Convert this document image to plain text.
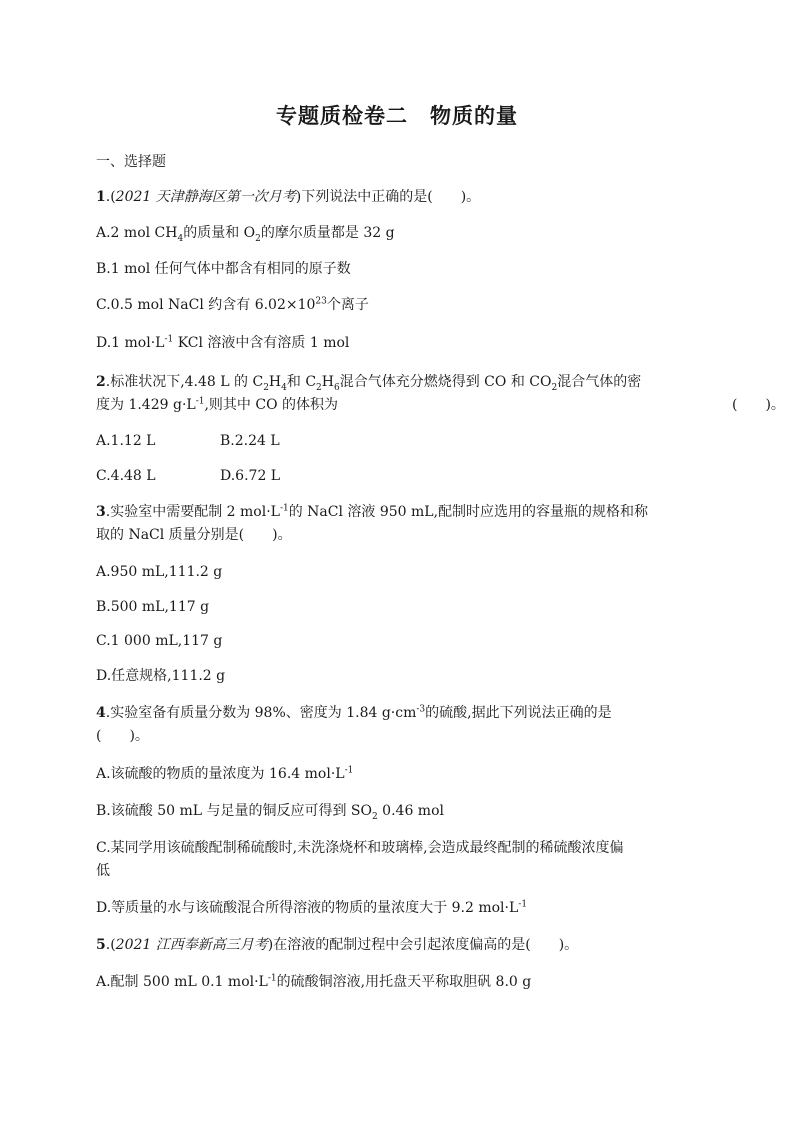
专题质检卷二 物质的量
一、选择题
1.(2021 天津静海区第一次月考)下列说法中正确的是(　　)。
A.2 mol $CH_4$的质量和 $O_2$的摩尔质量都是 32 g
B.1 mol 任何气体中都含有相同的原子数
C.0.5 mol NaCl 约含有 $6.02\times 10^{23}$个离子
D.1 $mol\cdot L^{-1}$ KCl 溶液中含有溶质 1 mol
2.标准状况下,4.48 L 的 $C_2H_4$和 $C_2H_6$混合气体充分燃烧得到 CO 和 $CO_2$混合气体的密
度为 1.429 $g\cdot L^{-1}$,则其中 CO 的体积为	(　　)。
A.1.12 L	B.2.24 L
C.4.48 L	D.6.72 L
3.实验室中需要配制 2 $mol\cdot L^{-1}$的 NaCl 溶液 950 mL,配制时应选用的容量瓶的规格和称
取的 NaCl 质量分别是(　　)。
A.950 mL,111.2 g
B.500 mL,117 g
C.1 000 mL,117 g
D.任意规格,111.2 g
4.实验室备有质量分数为 98%、密度为 1.84 $g\cdot cm^{-3}$的硫酸,据此下列说法正确的是
(　　)。
A.该硫酸的物质的量浓度为 16.4 $mol\cdot L^{-1}$
B.该硫酸 50 mL 与足量的铜反应可得到 $SO_2$ 0.46 mol
C.某同学用该硫酸配制稀硫酸时,未洗涤烧杯和玻璃棒,会造成最终配制的稀硫酸浓度偏
低
D.等质量的水与该硫酸混合所得溶液的物质的量浓度大于 9.2 $mol\cdot L^{-1}$
5.(2021 江西奉新高三月考)在溶液的配制过程中会引起浓度偏高的是(　　)。
A.配制 500 mL 0.1 $mol\cdot L^{-1}$的硫酸铜溶液,用托盘天平称取胆矾 8.0 g
